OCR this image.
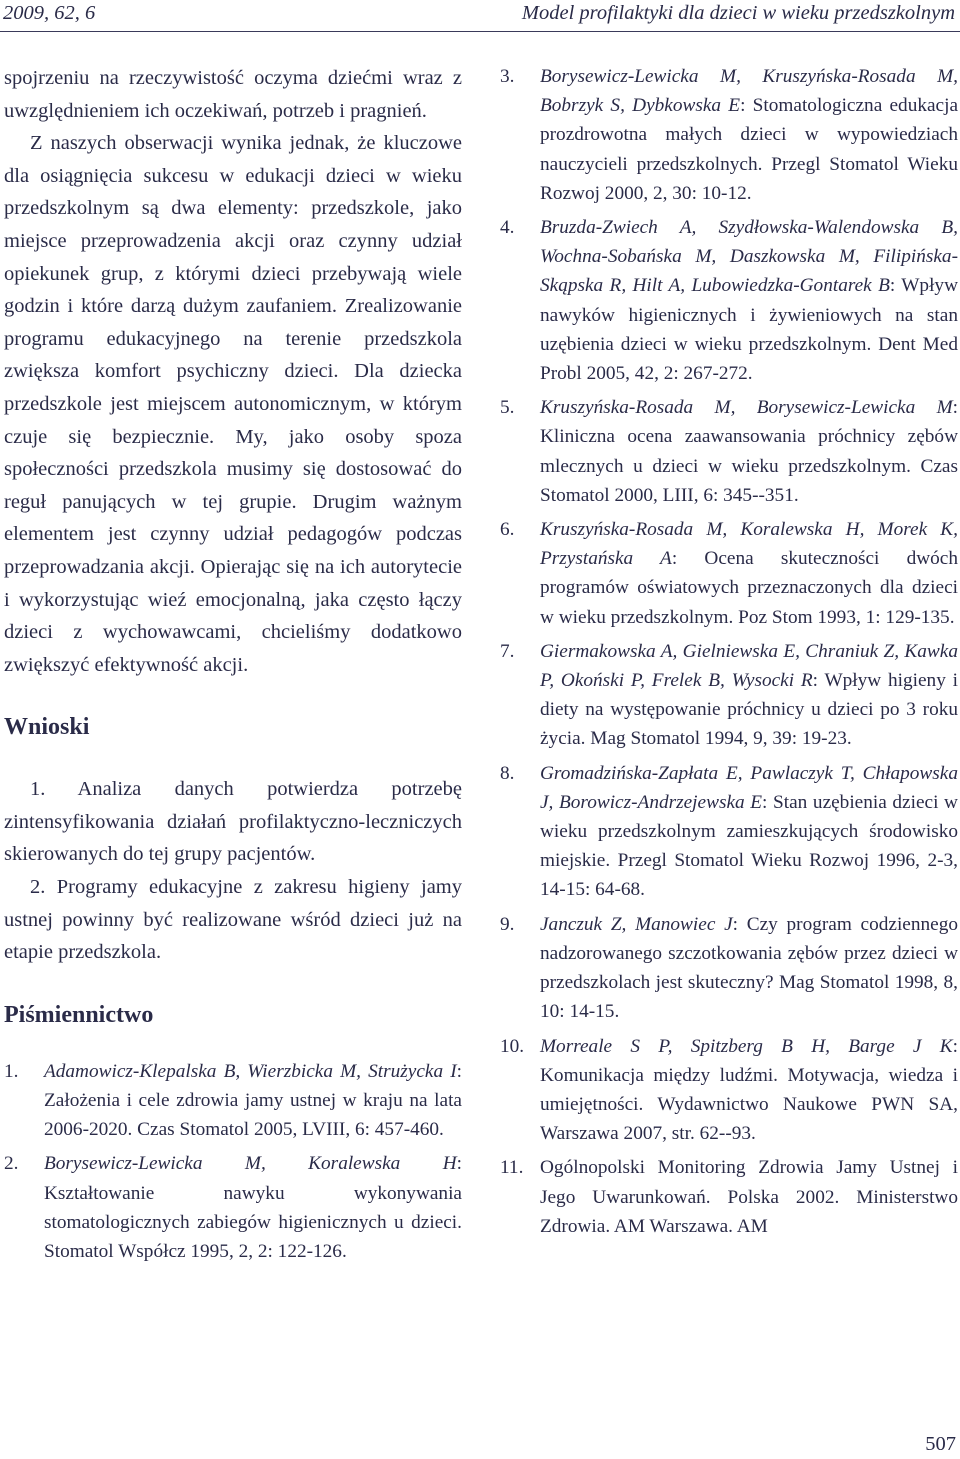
2009, 62, 6	Model profilaktyki dla dzieci w wieku przedszkolnym

spojrzeniu na rzeczywistość oczyma dziećmi wraz z uwzględnieniem ich oczekiwań, potrzeb i pragnień.

Z naszych obserwacji wynika jednak, że kluczowe dla osiągnięcia sukcesu w edukacji dzieci w wieku przedszkolnym są dwa elementy: przedszkole, jako miejsce przeprowadzenia akcji oraz czynny udział opiekunek grup, z którymi dzieci przebywają wiele godzin i które darzą dużym zaufaniem. Zrealizowanie programu edukacyjnego na terenie przedszkola zwiększa komfort psychiczny dzieci. Dla dziecka przedszkole jest miejscem autonomicznym, w którym czuje się bezpiecznie. My, jako osoby spoza społeczności przedszkola musimy się dostosować do reguł panujących w tej grupie. Drugim ważnym elementem jest czynny udział pedagogów podczas przeprowadzania akcji. Opierając się na ich autorytecie i wykorzystując wieź emocjonalną, jaka często łączy dzieci z wychowawcami, chcieliśmy dodatkowo zwiększyć efektywność akcji.

Wnioski

1. Analiza danych potwierdza potrzebę zintensyfikowania działań profilaktyczno-leczniczych skierowanych do tej grupy pacjentów.

2. Programy edukacyjne z zakresu higieny jamy ustnej powinny być realizowane wśród dzieci już na etapie przedszkola.

Piśmiennictwo
1.	Adamowicz-Klepalska B, Wierzbicka M, Strużycka I: Założenia i cele zdrowia jamy ustnej w kraju na lata 2006-2020. Czas Stomatol 2005, LVIII, 6: 457-460.
2.	Borysewicz-Lewicka M, Koralewska H: Kształtowanie nawyku wykonywania stomatologicznych zabiegów higienicznych u dzieci. Stomatol Współcz 1995, 2, 2: 122-126.
3.	Borysewicz-Lewicka M, Kruszyńska-Rosada M, Bobrzyk S, Dybkowska E: Stomatologiczna edukacja prozdrowotna małych dzieci w wypowiedziach nauczycieli przedszkolnych. Przegl Stomatol Wieku Rozwoj 2000, 2, 30: 10-12.
4.	Bruzda-Zwiech A, Szydłowska-Walendowska B, Wochna-Sobańska M, Daszkowska M, Filipińska-Skąpska R, Hilt A, Lubowiedzka-Gontarek B: Wpływ nawyków higienicznych i żywieniowych na stan uzębienia dzieci w wieku przedszkolnym. Dent Med Probl 2005, 42, 2: 267-272.
5.	Kruszyńska-Rosada M, Borysewicz-Lewicka M: Kliniczna ocena zaawansowania próchnicy zębów mlecznych u dzieci w wieku przedszkolnym. Czas Stomatol 2000, LIII, 6: 345--351.
6.	Kruszyńska-Rosada M, Koralewska H, Morek K, Przystańska A: Ocena skuteczności dwóch programów oświatowych przeznaczonych dla dzieci w wieku przedszkolnym. Poz Stom 1993, 1: 129-135.
7.	Giermakowska A, Gielniewska E, Chraniuk Z, Kawka P, Okoński P, Frelek B, Wysocki R: Wpływ higieny i diety na występowanie próchnicy u dzieci po 3 roku życia. Mag Stomatol 1994, 9, 39: 19-23.
8.	Gromadzińska-Zapłata E, Pawlaczyk T, Chłapowska J, Borowicz-Andrzejewska E: Stan uzębienia dzieci w wieku przedszkolnym zamieszkujących środowisko miejskie. Przegl Stomatol Wieku Rozwoj 1996, 2-3, 14-15: 64-68.
9.	Janczuk Z, Manowiec J: Czy program codziennego nadzorowanego szczotkowania zębów przez dzieci w przedszkolach jest skuteczny? Mag Stomatol 1998, 8, 10: 14-15.
10. Morreale S P, Spitzberg B H, Barge J K: Komunikacja między ludźmi. Motywacja, wiedza i umiejętności. Wydawnictwo Naukowe PWN SA, Warszawa 2007, str. 62--93.
11. Ogólnopolski Monitoring Zdrowia Jamy Ustnej i Jego Uwarunkowań. Polska 2002. Ministerstwo Zdrowia. AM Warszawa. AM
507
